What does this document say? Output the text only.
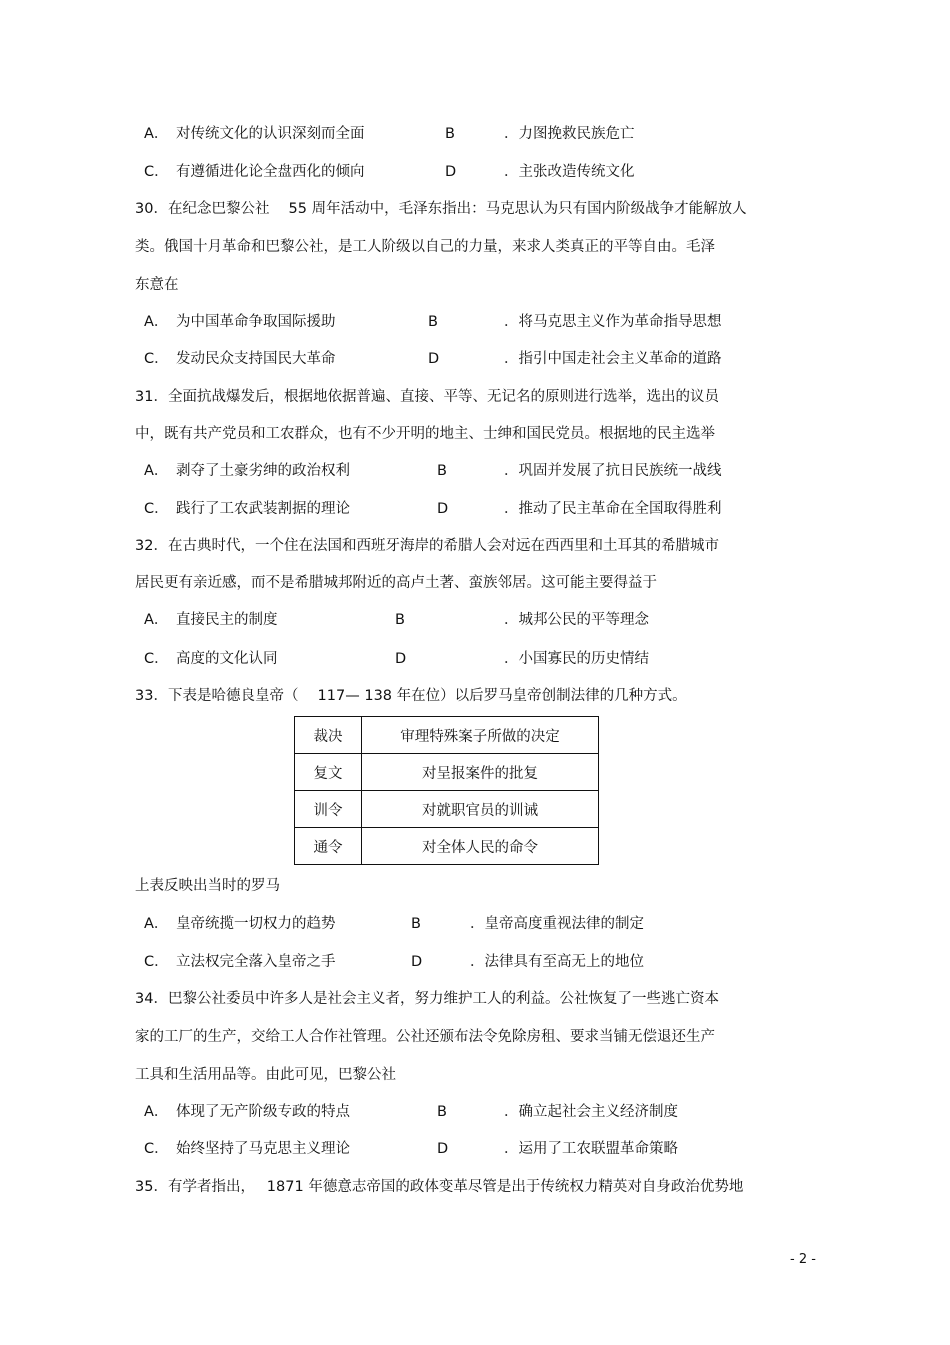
A． 对传统文化的认识深刻而全面	B	．力图挽救民族危亡
C． 有遵循进化论全盘西化的倾向	D	．主张改造传统文化
30．在纪念巴黎公社　 55 周年活动中，毛泽东指出：马克思认为只有国内阶级战争才能解放人
类。俄国十月革命和巴黎公社，是工人阶级以自己的力量，来求人类真正的平等自由。毛泽
东意在
A． 为中国革命争取国际援助	B	．将马克思主义作为革命指导思想
C． 发动民众支持国民大革命	D	．指引中国走社会主义革命的道路
31．全面抗战爆发后，根据地依据普遍、直接、平等、无记名的原则进行选举，选出的议员
中，既有共产党员和工农群众，也有不少开明的地主、士绅和国民党员。根据地的民主选举
A． 剥夺了土豪劣绅的政治权利	B	．巩固并发展了抗日民族统一战线
C． 践行了工农武装割据的理论	D	．推动了民主革命在全国取得胜利
32．在古典时代，一个住在法国和西班牙海岸的希腊人会对远在西西里和土耳其的希腊城市
居民更有亲近感，而不是希腊城邦附近的高卢土著、蛮族邻居。这可能主要得益于
A． 直接民主的制度	B	．城邦公民的平等理念
C． 高度的文化认同	D	．小国寡民的历史情结
33．下表是哈德良皇帝（　 117— 138 年在位）以后罗马皇帝创制法律的几种方式。
裁决	审理特殊案子所做的决定
复文	对呈报案件的批复
训令	对就职官员的训诫
通令	对全体人民的命令
上表反映出当时的罗马
A． 皇帝统揽一切权力的趋势	B	．皇帝高度重视法律的制定
C． 立法权完全落入皇帝之手	D	．法律具有至高无上的地位
34．巴黎公社委员中许多人是社会主义者，努力维护工人的利益。公社恢复了一些逃亡资本
家的工厂的生产，交给工人合作社管理。公社还颁布法令免除房租、要求当铺无偿退还生产
工具和生活用品等。由此可见，巴黎公社
A． 体现了无产阶级专政的特点	B	．确立起社会主义经济制度
C． 始终坚持了马克思主义理论	D	．运用了工农联盟革命策略
35．有学者指出，　 1871 年德意志帝国的政体变革尽管是出于传统权力精英对自身政治优势地
- 2 -
